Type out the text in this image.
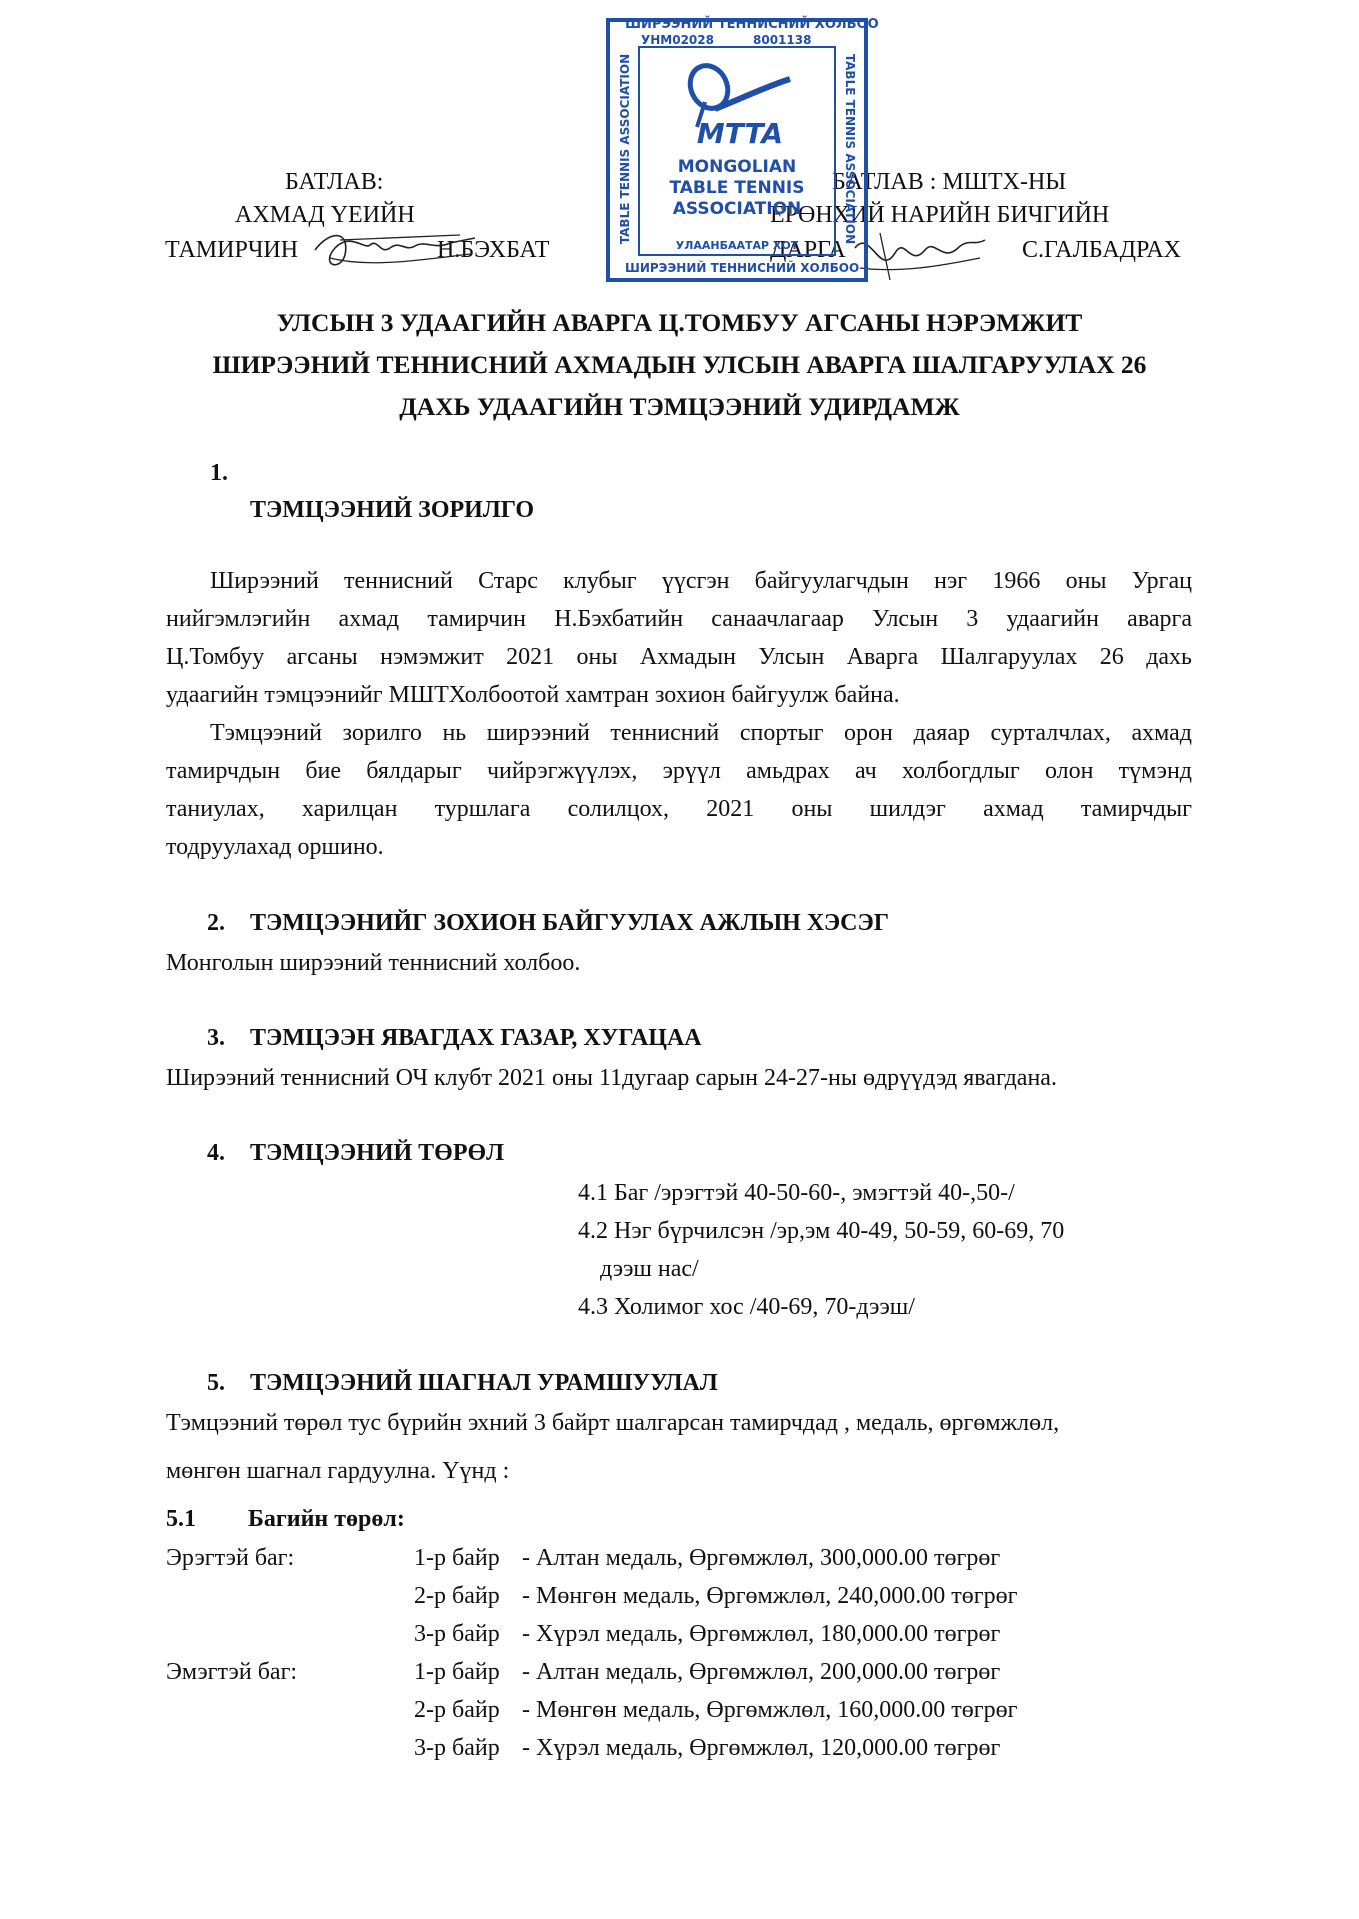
БАТЛАВ:
АХМАД ҮЕИЙН
ТАМИРЧИН	Н.БЭХБАТ
БАТЛАВ : МШТХ-НЫ
ЕРӨНХИЙ НАРИЙН БИЧГИЙН
ДАРГА	С.ГАЛБАДРАХ
ШИРЭЭНИЙ ТЕННИСНИЙ ХОЛБОО
УНМ02028	8001138
MTTA
MONGOLIAN
TABLE TENNIS
ASSOCIATION
УЛААНБААТАР ХОТ
ШИРЭЭНИЙ ТЕННИСНИЙ ХОЛБОО
TABLE TENNIS ASSOCIATION	TABLE TENNIS ASSOCIATION
УЛСЫН 3 УДААГИЙН АВАРГА Ц.ТОМБУУ АГСАНЫ НЭРЭМЖИТ
ШИРЭЭНИЙ ТЕННИСНИЙ АХМАДЫН УЛСЫН АВАРГА ШАЛГАРУУЛАХ 26
ДАХЬ УДААГИЙН ТЭМЦЭЭНИЙ УДИРДАМЖ
1.
ТЭМЦЭЭНИЙ ЗОРИЛГО
Ширээний теннисний Старс клубыг үүсгэн байгуулагчдын нэг 1966 оны Ургац
нийгэмлэгийн ахмад тамирчин Н.Бэхбатийн санаачлагаар Улсын 3 удаагийн аварга
Ц.Томбуу агсаны нэмэмжит 2021 оны Ахмадын Улсын Аварга Шалгаруулах 26 дахь
удаагийн тэмцээнийг МШТХолбоотой хамтран зохион байгуулж байна.
Тэмцээний зорилго нь ширээний теннисний спортыг орон даяар сурталчлах, ахмад
тамирчдын бие бялдарыг чийрэгжүүлэх, эрүүл амьдрах ач холбогдлыг олон түмэнд
таниулах, харилцан туршлага солилцох, 2021 оны шилдэг ахмад тамирчдыг
тодруулахад оршино.
2. ТЭМЦЭЭНИЙГ ЗОХИОН БАЙГУУЛАХ АЖЛЫН ХЭСЭГ
Монголын ширээний теннисний холбоо.
3. ТЭМЦЭЭН ЯВАГДАХ ГАЗАР, ХУГАЦАА
Ширээний теннисний ОЧ клубт 2021 оны 11дугаар сарын 24-27-ны өдрүүдэд явагдана.
4. ТЭМЦЭЭНИЙ ТӨРӨЛ
4.1 Баг /эрэгтэй 40-50-60-, эмэгтэй 40-,50-/
4.2 Нэг бүрчилсэн /эр,эм 40-49, 50-59, 60-69, 70
дээш нас/
4.3 Холимог хос /40-69, 70-дээш/
5. ТЭМЦЭЭНИЙ ШАГНАЛ УРАМШУУЛАЛ
Тэмцээний төрөл тус бүрийн эхний 3 байрт шалгарсан тамирчдад , медаль, өргөмжлөл,
мөнгөн шагнал гардуулна. Үүнд :
5.1 Багийн төрөл:
Эрэгтэй баг:	1-р байр - Алтан медаль, Өргөмжлөл, 300,000.00 төгрөг
2-р байр - Мөнгөн медаль, Өргөмжлөл, 240,000.00 төгрөг
3-р байр - Хүрэл медаль, Өргөмжлөл, 180,000.00 төгрөг
Эмэгтэй баг:	1-р байр - Алтан медаль, Өргөмжлөл, 200,000.00 төгрөг
2-р байр - Мөнгөн медаль, Өргөмжлөл, 160,000.00 төгрөг
3-р байр - Хүрэл медаль, Өргөмжлөл, 120,000.00 төгрөг
